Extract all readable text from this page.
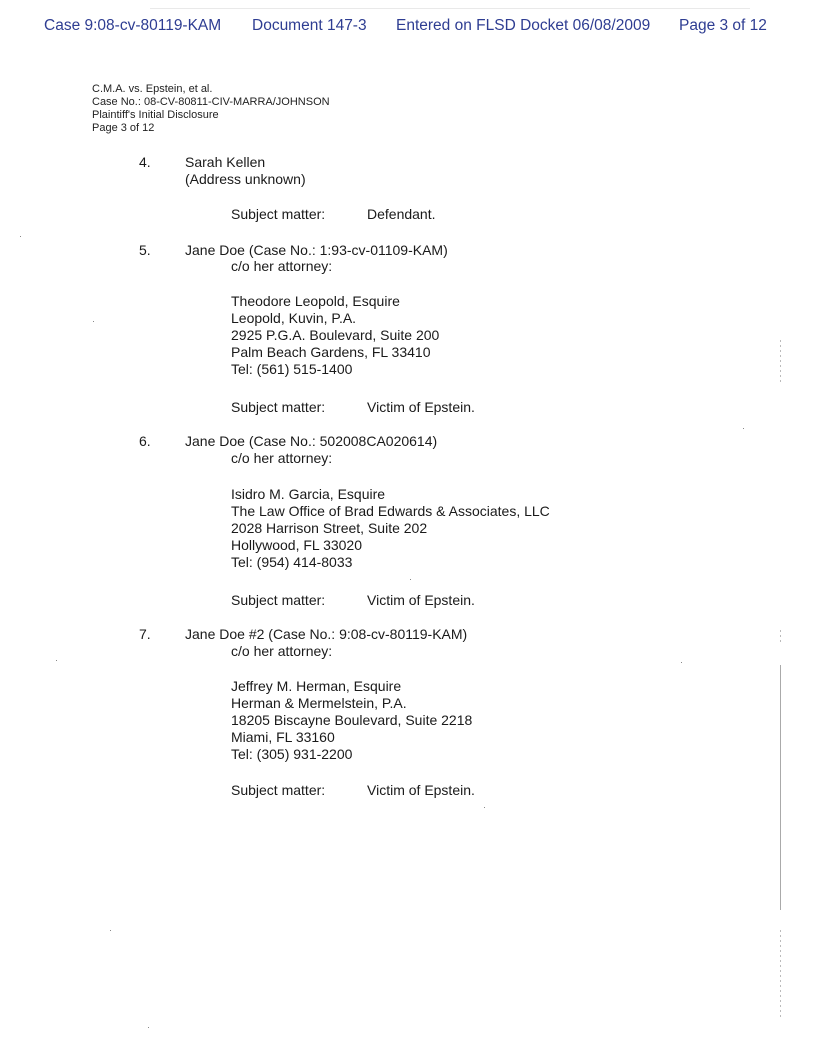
Case 9:08-cv-80119-KAM Document 147-3 Entered on FLSD Docket 06/08/2009 Page 3 of 12
C.M.A. vs. Epstein, et al.
Case No.: 08-CV-80811-CIV-MARRA/JOHNSON
Plaintiff's Initial Disclosure
Page 3 of 12
4. Sarah Kellen
(Address unknown)
Subject matter:	Defendant.
5. Jane Doe (Case No.: 1:93-cv-01109-KAM)
c/o her attorney:
Theodore Leopold, Esquire
Leopold, Kuvin, P.A.
2925 P.G.A. Boulevard, Suite 200
Palm Beach Gardens, FL 33410
Tel: (561) 515-1400
Subject matter:	Victim of Epstein.
6. Jane Doe (Case No.: 502008CA020614)
c/o her attorney:
Isidro M. Garcia, Esquire
The Law Office of Brad Edwards & Associates, LLC
2028 Harrison Street, Suite 202
Hollywood, FL 33020
Tel: (954) 414-8033
Subject matter:	Victim of Epstein.
7. Jane Doe #2 (Case No.: 9:08-cv-80119-KAM)
c/o her attorney:
Jeffrey M. Herman, Esquire
Herman & Mermelstein, P.A.
18205 Biscayne Boulevard, Suite 2218
Miami, FL 33160
Tel: (305) 931-2200
Subject matter:	Victim of Epstein.
